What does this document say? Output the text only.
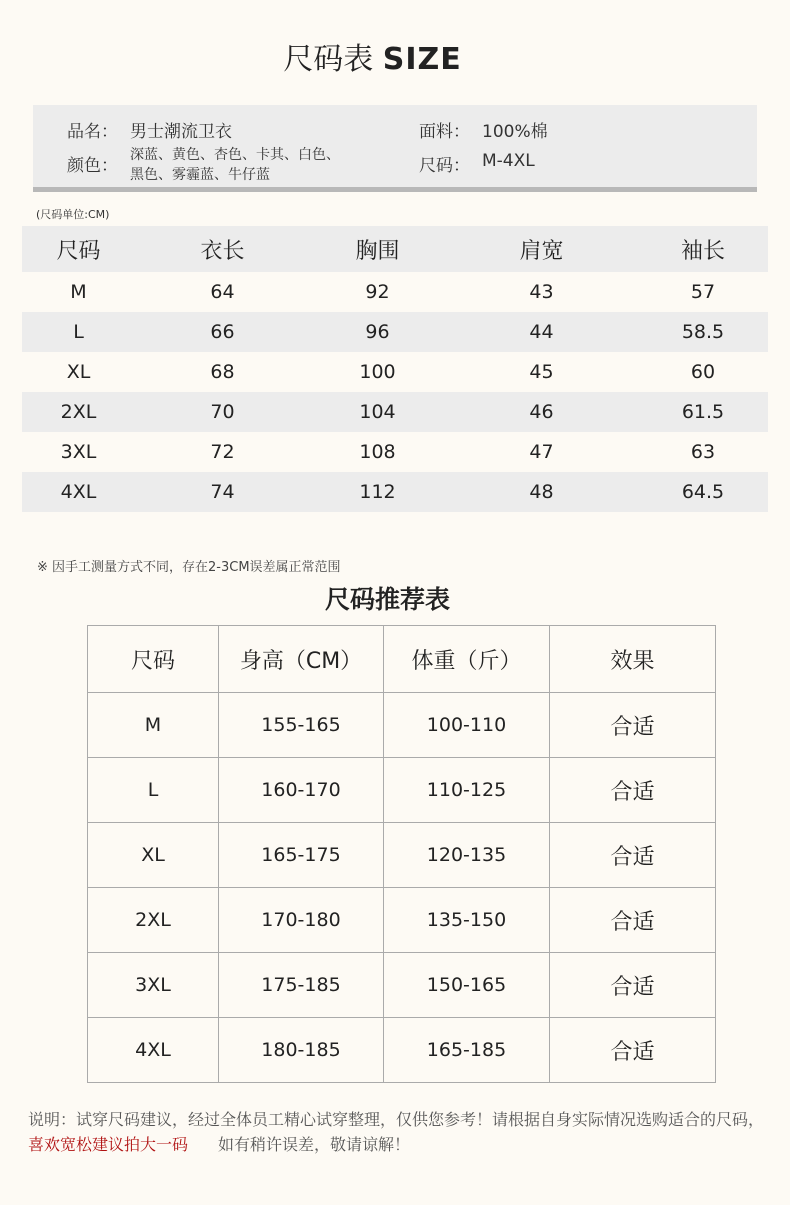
尺码表 SIZE
品名： 男士潮流卫衣	面料： 100%棉
颜色：
深蓝、黄色、杏色、卡其、白色、
黑色、雾霾蓝、牛仔蓝	尺码： M-4XL
(尺码单位:CM)
尺码	衣长	胸围	肩宽	袖长
M	64	92	43	57
L	66	96	44	58.5
XL	68	100	45	60
2XL	70	104	46	61.5
3XL	72	108	47	63
4XL	74	112	48	64.5
※ 因手工测量方式不同，存在2-3CM误差属正常范围
尺码推荐表
尺码	身高（CM）	体重（斤）	效果
M	155-165	100-110	合适
L	160-170	110-125	合适
XL	165-175	120-135	合适
2XL	170-180	135-150	合适
3XL	175-185	150-165	合适
4XL	180-185	165-185	合适
说明：试穿尺码建议，经过全体员工精心试穿整理，仅供您参考！请根据自身实际情况选购适合的尺码，喜欢宽松建议拍大一码 如有稍许误差，敬请谅解！
